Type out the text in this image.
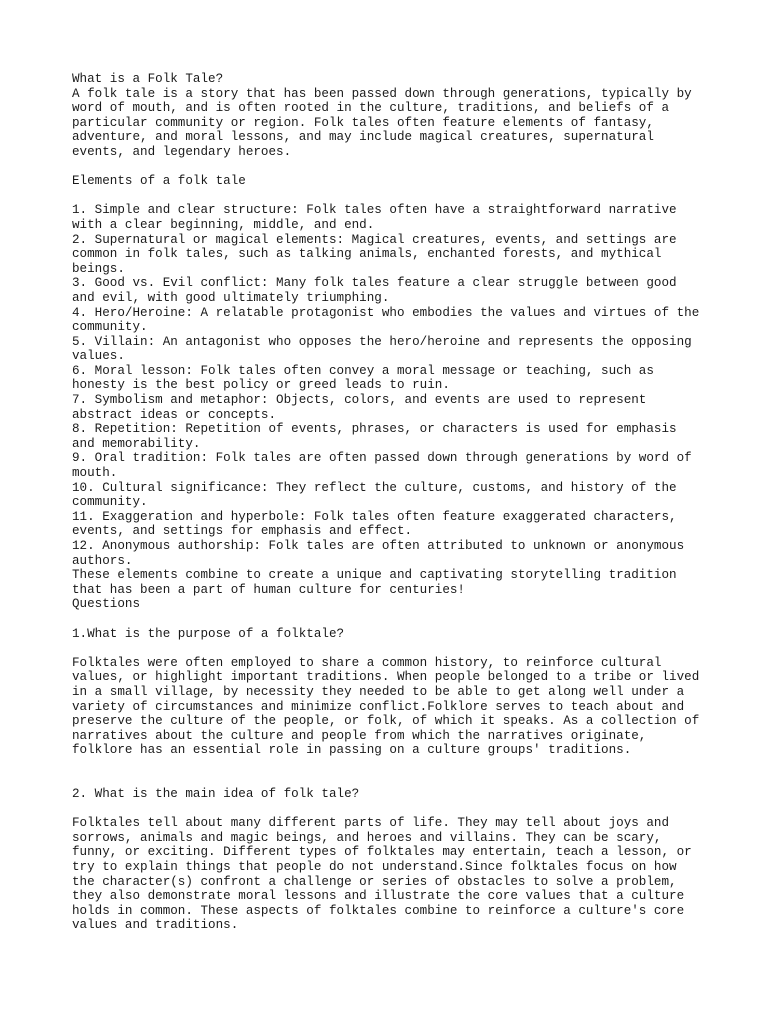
What is a Folk Tale?
A folk tale is a story that has been passed down through generations, typically by
word of mouth, and is often rooted in the culture, traditions, and beliefs of a
particular community or region. Folk tales often feature elements of fantasy,
adventure, and moral lessons, and may include magical creatures, supernatural
events, and legendary heroes.
Elements of a folk tale
1. Simple and clear structure: Folk tales often have a straightforward narrative
with a clear beginning, middle, and end.
2. Supernatural or magical elements: Magical creatures, events, and settings are
common in folk tales, such as talking animals, enchanted forests, and mythical
beings.
3. Good vs. Evil conflict: Many folk tales feature a clear struggle between good
and evil, with good ultimately triumphing.
4. Hero/Heroine: A relatable protagonist who embodies the values and virtues of the
community.
5. Villain: An antagonist who opposes the hero/heroine and represents the opposing
values.
6. Moral lesson: Folk tales often convey a moral message or teaching, such as
honesty is the best policy or greed leads to ruin.
7. Symbolism and metaphor: Objects, colors, and events are used to represent
abstract ideas or concepts.
8. Repetition: Repetition of events, phrases, or characters is used for emphasis
and memorability.
9. Oral tradition: Folk tales are often passed down through generations by word of
mouth.
10. Cultural significance: They reflect the culture, customs, and history of the
community.
11. Exaggeration and hyperbole: Folk tales often feature exaggerated characters,
events, and settings for emphasis and effect.
12. Anonymous authorship: Folk tales are often attributed to unknown or anonymous
authors.
These elements combine to create a unique and captivating storytelling tradition
that has been a part of human culture for centuries!
Questions
1.What is the purpose of a folktale?
Folktales were often employed to share a common history, to reinforce cultural
values, or highlight important traditions. When people belonged to a tribe or lived
in a small village, by necessity they needed to be able to get along well under a
variety of circumstances and minimize conflict.Folklore serves to teach about and
preserve the culture of the people, or folk, of which it speaks. As a collection of
narratives about the culture and people from which the narratives originate,
folklore has an essential role in passing on a culture groups' traditions.
2. What is the main idea of folk tale?
Folktales tell about many different parts of life. They may tell about joys and
sorrows, animals and magic beings, and heroes and villains. They can be scary,
funny, or exciting. Different types of folktales may entertain, teach a lesson, or
try to explain things that people do not understand.Since folktales focus on how
the character(s) confront a challenge or series of obstacles to solve a problem,
they also demonstrate moral lessons and illustrate the core values that a culture
holds in common. These aspects of folktales combine to reinforce a culture's core
values and traditions.
